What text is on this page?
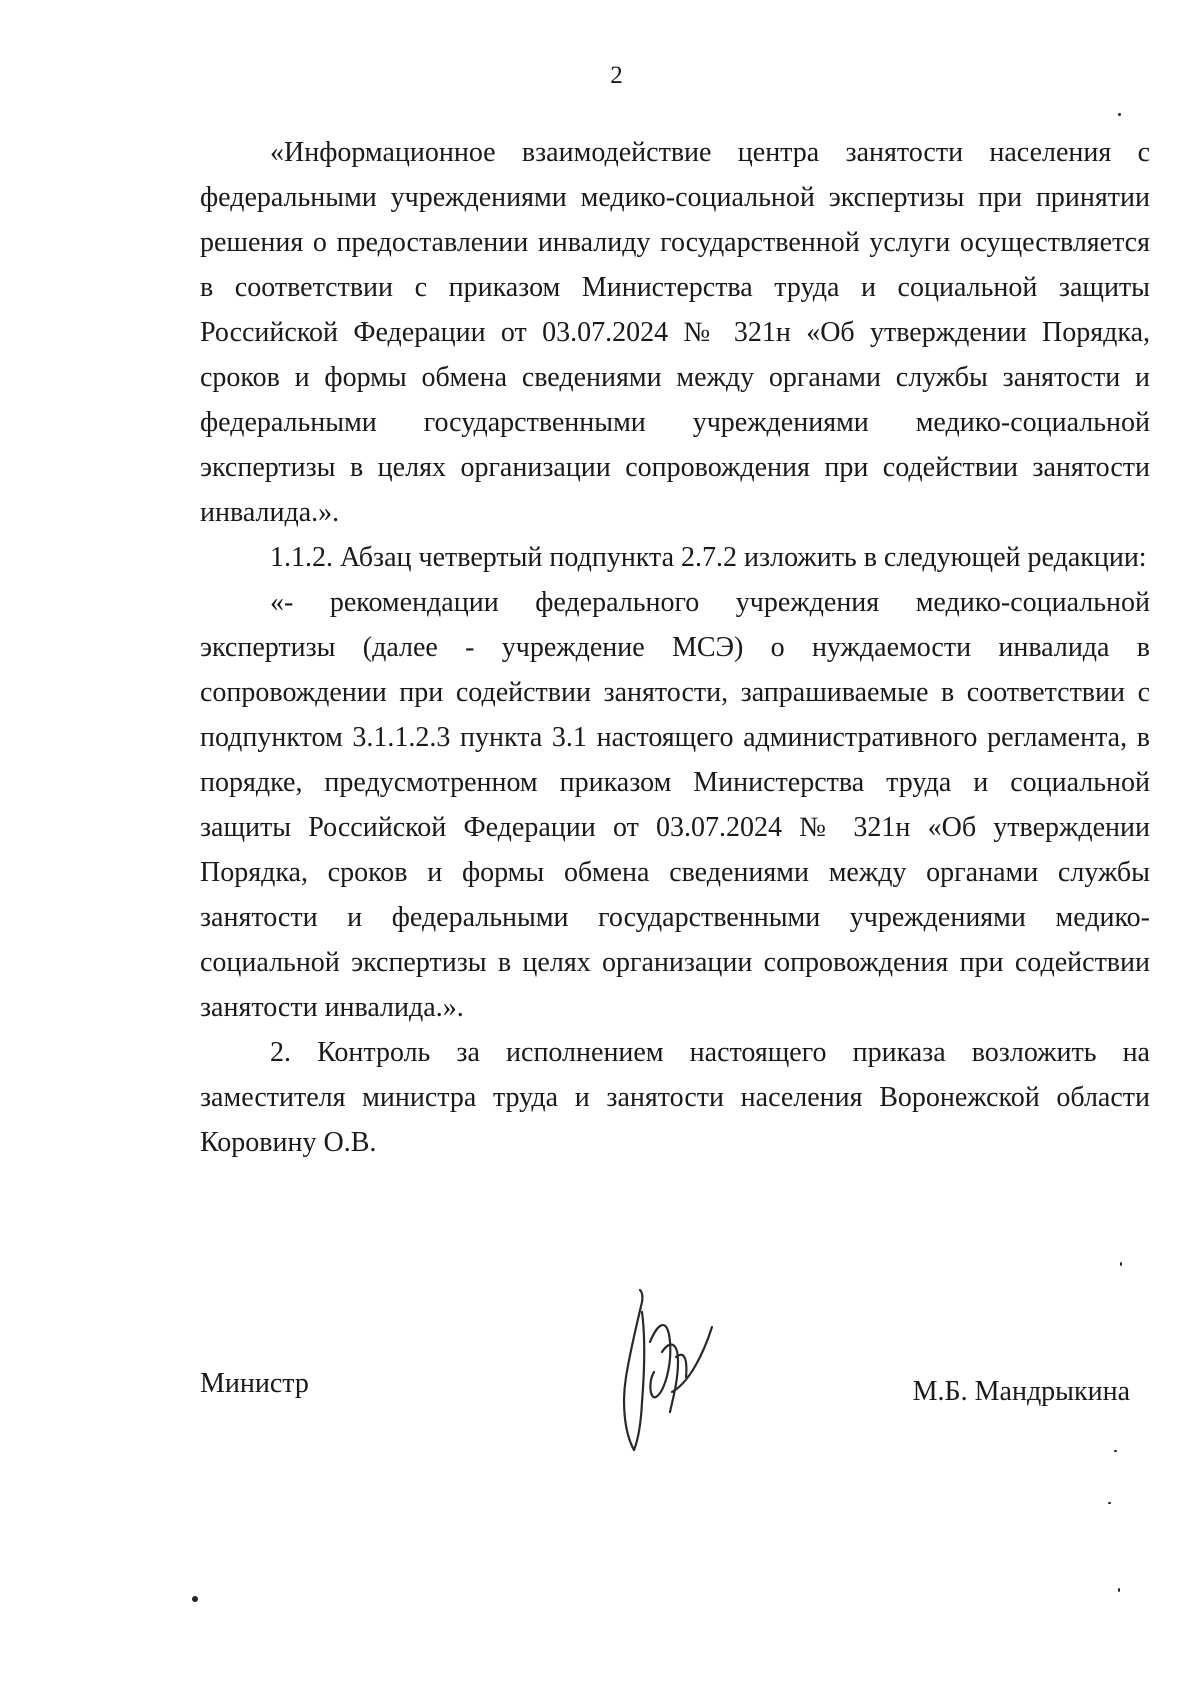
2

«Информационное взаимодействие центра занятости населения с федеральными учреждениями медико-социальной экспертизы при принятии решения о предоставлении инвалиду государственной услуги осуществляется в соответствии с приказом Министерства труда и социальной защиты Российской Федерации от 03.07.2024 № 321н «Об утверждении Порядка, сроков и формы обмена сведениями между органами службы занятости и федеральными государственными учреждениями медико-социальной экспертизы в целях организации сопровождения при содействии занятости инвалида.».

1.1.2. Абзац четвертый подпункта 2.7.2 изложить в следующей редакции:

«- рекомендации федерального учреждения медико-социальной экспертизы (далее - учреждение МСЭ) о нуждаемости инвалида в сопровождении при содействии занятости, запрашиваемые в соответствии с подпунктом 3.1.1.2.3 пункта 3.1 настоящего административного регламента, в порядке, предусмотренном приказом Министерства труда и социальной защиты Российской Федерации от 03.07.2024 № 321н «Об утверждении Порядка, сроков и формы обмена сведениями между органами службы занятости и федеральными государственными учреждениями медико-социальной экспертизы в целях организации сопровождения при содействии занятости инвалида.».

2. Контроль за исполнением настоящего приказа возложить на заместителя министра труда и занятости населения Воронежской области Коровину О.В.

Министр	М.Б. Мандрыкина
